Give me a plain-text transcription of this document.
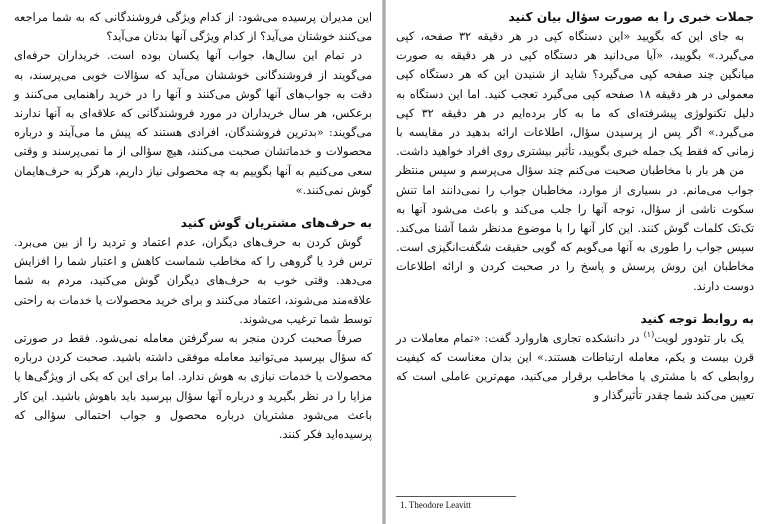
این مدیران پرسیده می‌شود: از کدام ویژگی فروشندگانی که به شما مراجعه می‌کنند خوشتان می‌آید؟ از کدام ویژگی آنها بدتان می‌آید؟

در تمام این سال‌ها، جواب آنها یکسان بوده است. خریداران حرفه‌ای می‌گویند از فروشندگانی خوششان می‌آید که سؤالات خوبی می‌پرسند، به دقت به جواب‌های آنها گوش می‌کنند و آنها را در خرید راهنمایی می‌کنند و برعکس، هر سال خریداران در مورد فروشندگانی که علاقه‌ای به آنها ندارند می‌گویند: «بدترین فروشندگان، افرادی هستند که پیش ما می‌آیند و درباره محصولات و خدماتشان صحبت می‌کنند، هیچ سؤالی از ما نمی‌پرسند و وقتی سعی می‌کنیم به آنها بگوییم به چه محصولی نیاز داریم، هرگز به حرف‌هایمان گوش نمی‌کنند.»

به حرف‌های مشتریان گوش کنید

گوش کردن به حرف‌های دیگران، عدم اعتماد و تردید را از بین می‌برد. ترس فرد یا گروهی را که مخاطب شماست کاهش و اعتبار شما را افزایش می‌دهد. وقتی خوب به حرف‌های دیگران گوش می‌کنید، مردم به شما علاقه‌مند می‌شوند، اعتماد می‌کنند و برای خرید محصولات یا خدمات به راحتی توسط شما ترغیب می‌شوند.

صرفاً صحبت کردن منجر به سرگرفتن معامله نمی‌شود. فقط در صورتی که سؤال بپرسید می‌توانید معامله موفقی داشته باشید. صحبت کردن درباره محصولات یا خدمات نیازی به هوش ندارد. اما برای این که یکی از ویژگی‌ها یا مزایا را در نظر بگیرید و درباره آنها سؤال بپرسید باید باهوش باشید. این کار باعث می‌شود مشتریان درباره محصول و جواب احتمالی سؤالی که پرسیده‌اید فکر کنند.

جملات خبری را به صورت سؤال بیان کنید

به جای این که بگویید «این دستگاه کپی در هر دقیقه ۳۲ صفحه، کپی می‌گیرد.» بگویید، «آیا می‌دانید هر دستگاه کپی در هر دقیقه به صورت میانگین چند صفحه کپی می‌گیرد؟ شاید از شنیدن این که هر دستگاه کپی معمولی در هر دقیقه ۱۸ صفحه کپی می‌گیرد تعجب کنید. اما این دستگاه به دلیل تکنولوژی پیشرفته‌ای که ما به کار برده‌ایم در هر دقیقه ۳۲ کپی می‌گیرد.» اگر پس از پرسیدن سؤال، اطلاعات ارائه بدهید در مقایسه با زمانی که فقط یک جمله خبری بگویید، تأثیر بیشتری روی افراد خواهید داشت.

من هر بار با مخاطبان صحبت می‌کنم چند سؤال می‌پرسم و سپس منتظر جواب می‌مانم. در بسیاری از موارد، مخاطبان جواب را نمی‌دانند اما تنش سکوت ناشی از سؤال، توجه آنها را جلب می‌کند و باعث می‌شود آنها به تک‌تک کلمات گوش کنند. این کار آنها را با موضوع مدنظر شما آشنا می‌کند. سپس جواب را طوری به آنها می‌گویم که گویی حقیقت شگفت‌انگیزی است. مخاطبان این روش پرسش و پاسخ را در صحبت کردن و ارائه اطلاعات دوست دارند.

به روابط توجه کنید

یک بار تئودور لویت$^{(۱)}$ در دانشکده تجاری هاروارد گفت: «تمام معاملات در قرن بیست و یکم، معامله ارتباطات هستند.» این بدان معناست که کیفیت روابطی که با مشتری یا مخاطب برقرار می‌کنید، مهم‌ترین عاملی است که تعیین می‌کند شما چقدر تأثیرگذار و

1. Theodore Leavitt
